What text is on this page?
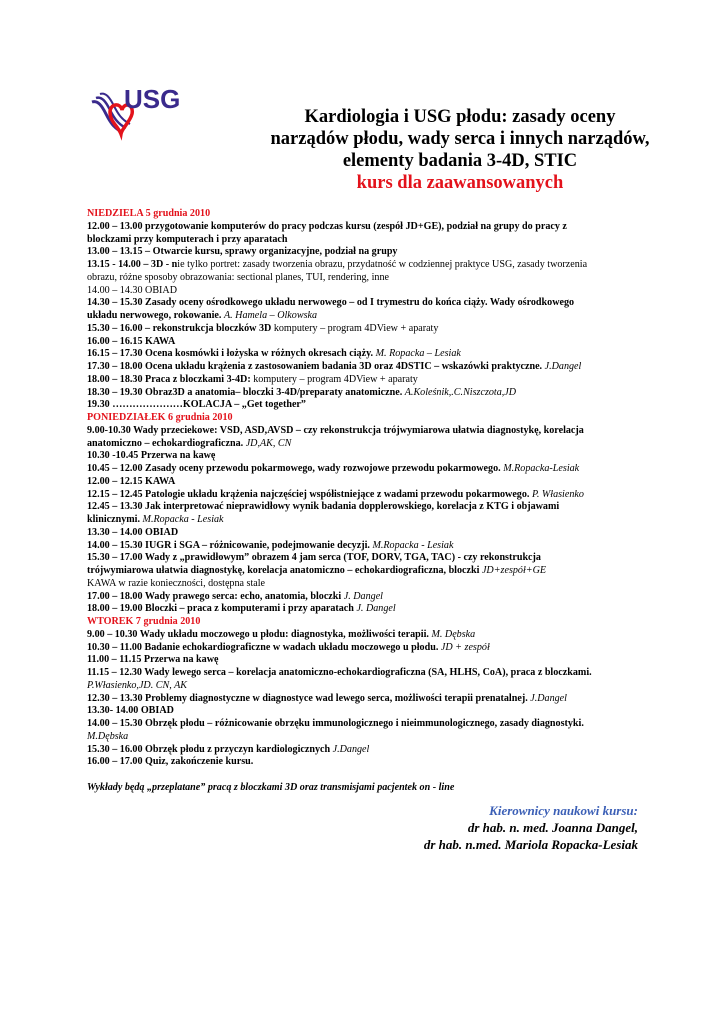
USG
Kardiologia i USG płodu: zasady oceny
narządów płodu, wady serca i innych narządów,
elementy badania 3-4D, STIC
kurs dla zaawansowanych
NIEDZIELA 5 grudnia 2010
12.00 – 13.00 przygotowanie komputerów do pracy podczas kursu (zespół JD+GE), podział na grupy do pracy z
blockzami przy komputerach i przy aparatach
13.00 – 13.15 – Otwarcie kursu, sprawy organizacyjne, podział na grupy
13.15 - 14.00 – 3D - nie tylko portret: zasady tworzenia obrazu, przydatność w codziennej praktyce USG, zasady tworzenia
obrazu, różne sposoby obrazowania: sectional planes, TUI, rendering, inne
14.00 – 14.30 OBIAD
14.30 – 15.30 Zasady oceny ośrodkowego układu nerwowego – od I trymestru do końca ciąży. Wady ośrodkowego
układu nerwowego, rokowanie. A. Hamela – Olkowska
15.30 – 16.00 – rekonstrukcja bloczków 3D komputery – program 4DView + aparaty
16.00 – 16.15 KAWA
16.15 – 17.30 Ocena kosmówki i łożyska w różnych okresach ciąży. M. Ropacka – Lesiak
17.30 – 18.00 Ocena układu krążenia z zastosowaniem badania 3D oraz 4DSTIC – wskazówki praktyczne. J.Dangel
18.00 – 18.30 Praca z bloczkami 3-4D: komputery – program 4DView + aparaty
18.30 – 19.30 Obraz3D a anatomia– bloczki 3-4D/preparaty anatomiczne. A.Koleśnik,.C.Niszczota,JD
19.30 …………………KOLACJA – „Get together”
PONIEDZIAŁEK 6 grudnia 2010
9.00-10.30 Wady przeciekowe: VSD, ASD,AVSD – czy rekonstrukcja trójwymiarowa ułatwia diagnostykę, korelacja
anatomiczno – echokardiograficzna. JD,AK, CN
10.30 -10.45 Przerwa na kawę
10.45 – 12.00 Zasady oceny przewodu pokarmowego, wady rozwojowe przewodu pokarmowego. M.Ropacka-Lesiak
12.00 – 12.15 KAWA
12.15 – 12.45 Patologie układu krążenia najczęściej współistniejące z wadami przewodu pokarmowego. P. Własienko
12.45 – 13.30 Jak interpretować nieprawidłowy wynik badania dopplerowskiego, korelacja z KTG i objawami
klinicznymi. M.Ropacka - Lesiak
13.30 – 14.00 OBIAD
14.00 – 15.30 IUGR i SGA – różnicowanie, podejmowanie decyzji. M.Ropacka - Lesiak
15.30 – 17.00 Wady z „prawidłowym” obrazem 4 jam serca (TOF, DORV, TGA, TAC) - czy rekonstrukcja
trójwymiarowa ułatwia diagnostykę, korelacja anatomiczno – echokardiograficzna, bloczki JD+zespół+GE
KAWA w razie konieczności, dostępna stale
17.00 – 18.00 Wady prawego serca: echo, anatomia, bloczki J. Dangel
18.00 – 19.00 Bloczki – praca z komputerami i przy aparatach J. Dangel
WTOREK 7 grudnia 2010
9.00 – 10.30 Wady układu moczowego u płodu: diagnostyka, możliwości terapii. M. Dębska
10.30 – 11.00 Badanie echokardiograficzne w wadach układu moczowego u płodu. JD + zespół
11.00 – 11.15 Przerwa na kawę
11.15 – 12.30 Wady lewego serca – korelacja anatomiczno-echokardiograficzna (SA, HLHS, CoA), praca z bloczkami.
P.Własienko,JD. CN, AK
12.30 – 13.30 Problemy diagnostyczne w diagnostyce wad lewego serca, możliwości terapii prenatalnej. J.Dangel
13.30- 14.00 OBIAD
14.00 – 15.30 Obrzęk płodu – różnicowanie obrzęku immunologicznego i nieimmunologicznego, zasady diagnostyki.
M.Dębska
15.30 – 16.00 Obrzęk płodu z przyczyn kardiologicznych J.Dangel
16.00 – 17.00 Quiz, zakończenie kursu.
Wykłady będą „przeplatane” pracą z bloczkami 3D oraz transmisjami pacjentek on - line
Kierownicy naukowi kursu:
dr hab. n. med. Joanna Dangel,
dr hab. n.med. Mariola Ropacka-Lesiak
